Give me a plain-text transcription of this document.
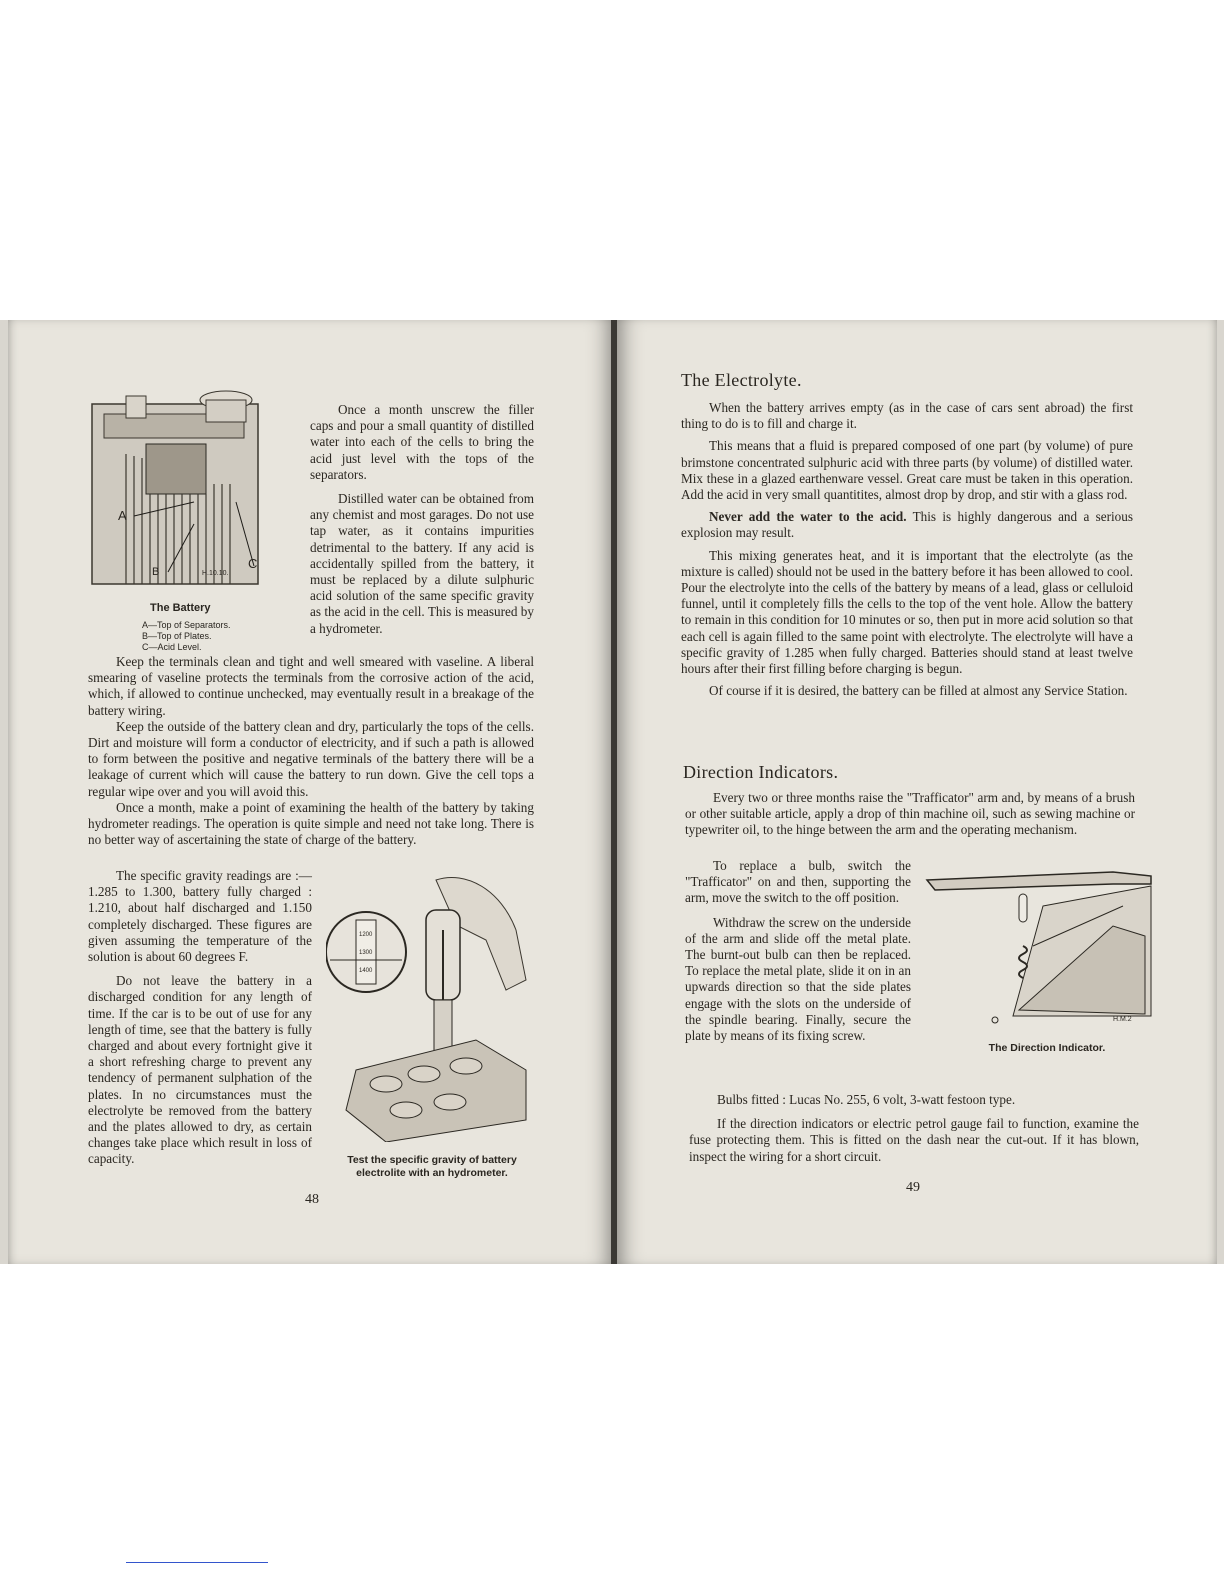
A
B
C
H.10.10.
The Battery
A—Top of Separators.
B—Top of Plates.
C—Acid Level.

Once a month unscrew the filler caps and pour a small quantity of distilled water into each of the cells to bring the acid just level with the tops of the separators.

Distilled water can be obtained from any chemist and most garages. Do not use tap water, as it contains impurities detrimental to the battery. If any acid is accidentally spilled from the battery, it must be replaced by a dilute sulphuric acid solution of the same specific gravity as the acid in the cell. This is measured by a hydrometer.

Keep the terminals clean and tight and well smeared with vaseline. A liberal smearing of vaseline protects the terminals from the corrosive action of the acid, which, if allowed to continue unchecked, may eventually result in a breakage of the battery wiring.

Keep the outside of the battery clean and dry, particularly the tops of the cells. Dirt and moisture will form a conductor of electricity, and if such a path is allowed to form between the positive and negative terminals of the battery there will be a leakage of current which will cause the battery to run down. Give the cell tops a regular wipe over and you will avoid this.

Once a month, make a point of examining the health of the battery by taking hydrometer readings. The operation is quite simple and need not take long. There is no better way of ascertaining the state of charge of the battery.

The specific gravity readings are :—1.285 to 1.300, battery fully charged : 1.210, about half discharged and 1.150 completely discharged. These figures are given assuming the temperature of the solution is about 60 degrees F.

Do not leave the battery in a discharged condition for any length of time. If the car is to be out of use for any length of time, see that the battery is fully charged and about every fortnight give it a short refreshing charge to prevent any tendency of permanent sulphation of the plates. In no circumstances must the electrolyte be removed from the battery and the plates allowed to dry, as certain changes take place which result in loss of capacity.

1200
1300
1400
Test the specific gravity of battery electrolite with an hydrometer.
48
The Electrolyte.

When the battery arrives empty (as in the case of cars sent abroad) the first thing to do is to fill and charge it.

This means that a fluid is prepared composed of one part (by volume) of pure brimstone concentrated sulphuric acid with three parts (by volume) of distilled water. Mix these in a glazed earthenware vessel. Great care must be taken in this operation. Add the acid in very small quantitites, almost drop by drop, and stir with a glass rod.

Never add the water to the acid. This is highly dangerous and a serious explosion may result.

This mixing generates heat, and it is important that the electrolyte (as the mixture is called) should not be used in the battery before it has been allowed to cool. Pour the electrolyte into the cells of the battery by means of a lead, glass or celluloid funnel, until it completely fills the cells to the top of the vent hole. Allow the battery to remain in this condition for 10 minutes or so, then put in more acid solution so that each cell is again filled to the same point with electrolyte. The electrolyte will have a specific gravity of 1.285 when fully charged. Batteries should stand at least twelve hours after their first filling before charging is begun.

Of course if it is desired, the battery can be filled at almost any Service Station.

Direction Indicators.

Every two or three months raise the "Trafficator" arm and, by means of a brush or other suitable article, apply a drop of thin machine oil, such as sewing machine or typewriter oil, to the hinge between the arm and the operating mechanism.

To replace a bulb, switch the "Trafficator" on and then, supporting the arm, move the switch to the off position.

Withdraw the screw on the underside of the arm and slide off the metal plate. The burnt-out bulb can then be replaced. To replace the metal plate, slide it on in an upwards direction so that the side plates engage with the slots on the underside of the spindle bearing. Finally, secure the plate by means of its fixing screw.

H.M.2
The Direction Indicator.

Bulbs fitted : Lucas No. 255, 6 volt, 3-watt festoon type.

If the direction indicators or electric petrol gauge fail to function, examine the fuse protecting them. This is fitted on the dash near the cut-out. If it has blown, inspect the wiring for a short circuit.

49
